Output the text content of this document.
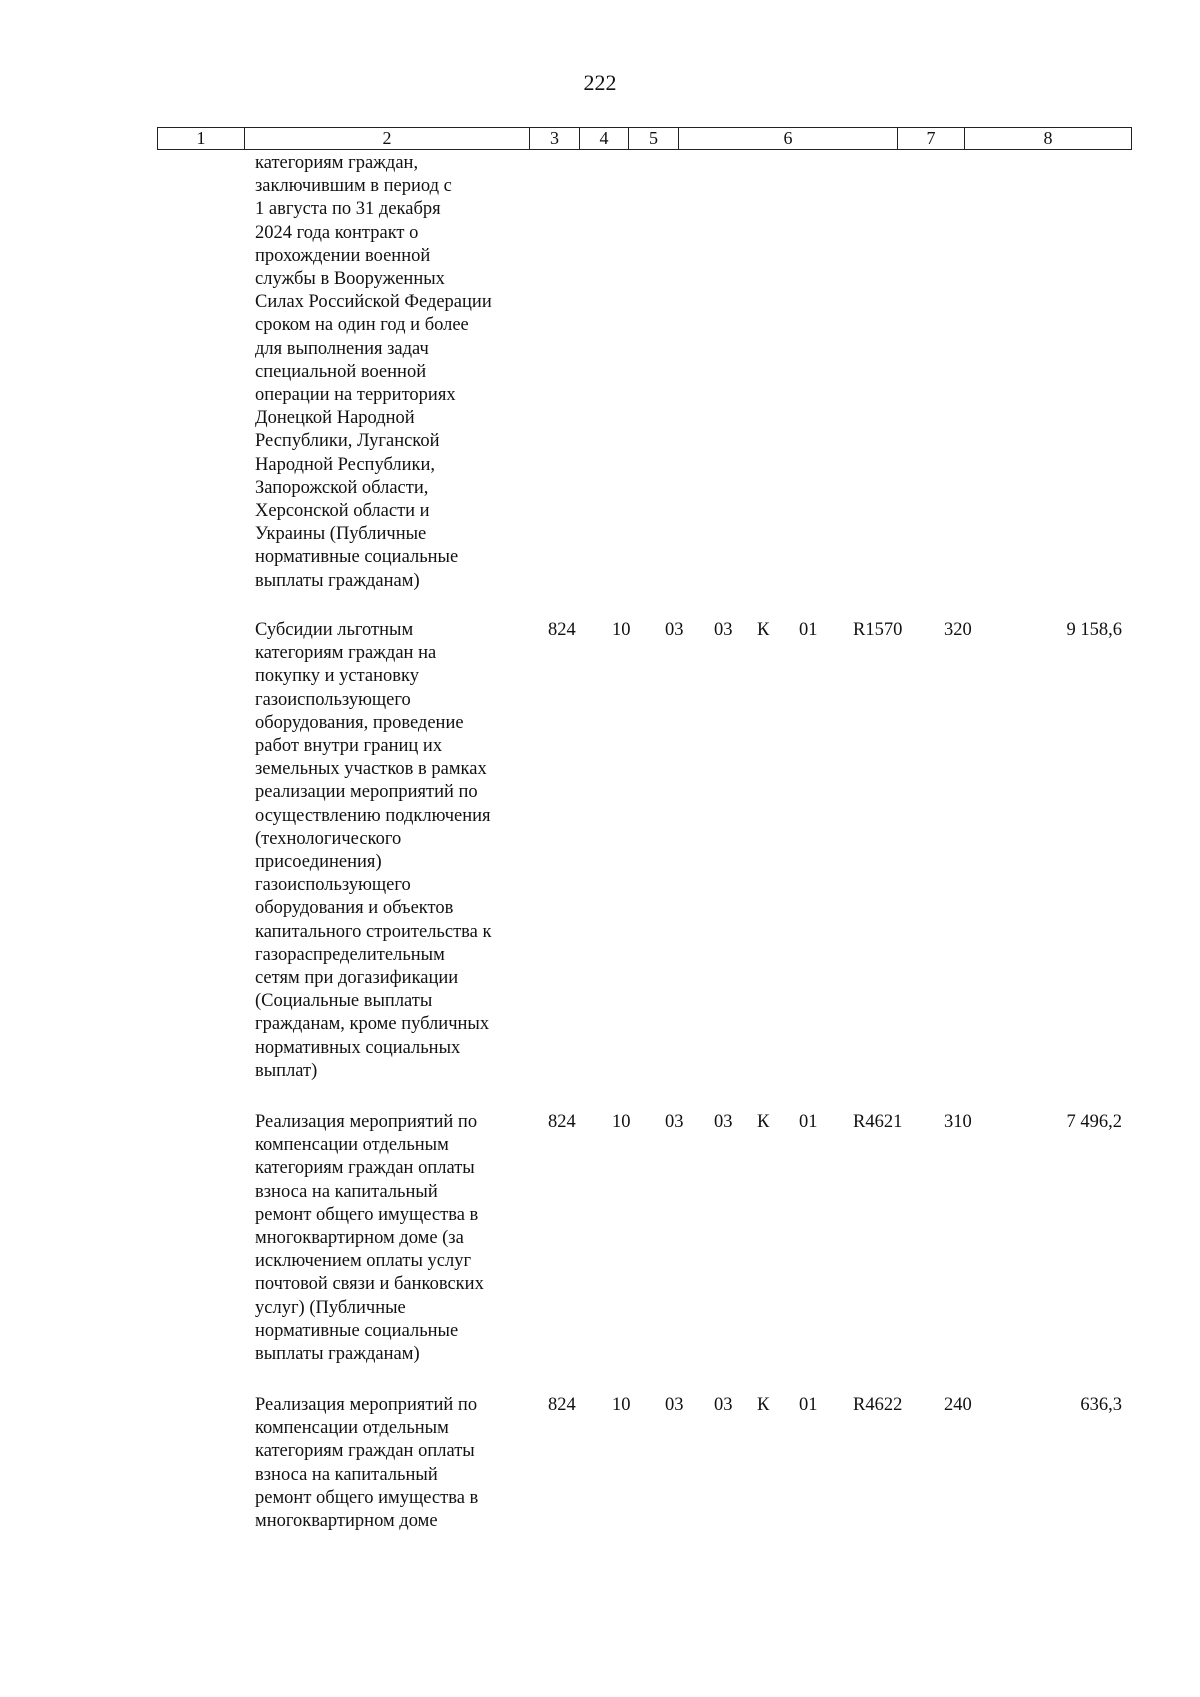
222
1	2	3	4	5	6	7	8
категориям граждан,
заключившим в период с
1 августа по 31 декабря
2024 года контракт о
прохождении военной
службы в Вооруженных
Силах Российской Федерации
сроком на один год и более
для выполнения задач
специальной военной
операции на территориях
Донецкой Народной
Республики, Луганской
Народной Республики,
Запорожской области,
Херсонской области и
Украины (Публичные
нормативные социальные
выплаты гражданам)
Субсидии льготным
категориям граждан на
покупку и установку
газоиспользующего
оборудования, проведение
работ внутри границ их
земельных участков в рамках
реализации мероприятий по
осуществлению подключения
(технологического
присоединения)
газоиспользующего
оборудования и объектов
капитального строительства к
газораспределительным
сетям при догазификации
(Социальные выплаты
гражданам, кроме публичных
нормативных социальных
выплат)
824 10 03 03 К 01 R1570 320	9 158,6
Реализация мероприятий по
компенсации отдельным
категориям граждан оплаты
взноса на капитальный
ремонт общего имущества в
многоквартирном доме (за
исключением оплаты услуг
почтовой связи и банковских
услуг) (Публичные
нормативные социальные
выплаты гражданам)
824 10 03 03 К 01 R4621 310	7 496,2
Реализация мероприятий по
компенсации отдельным
категориям граждан оплаты
взноса на капитальный
ремонт общего имущества в
многоквартирном доме
824 10 03 03 К 01 R4622 240	636,3
